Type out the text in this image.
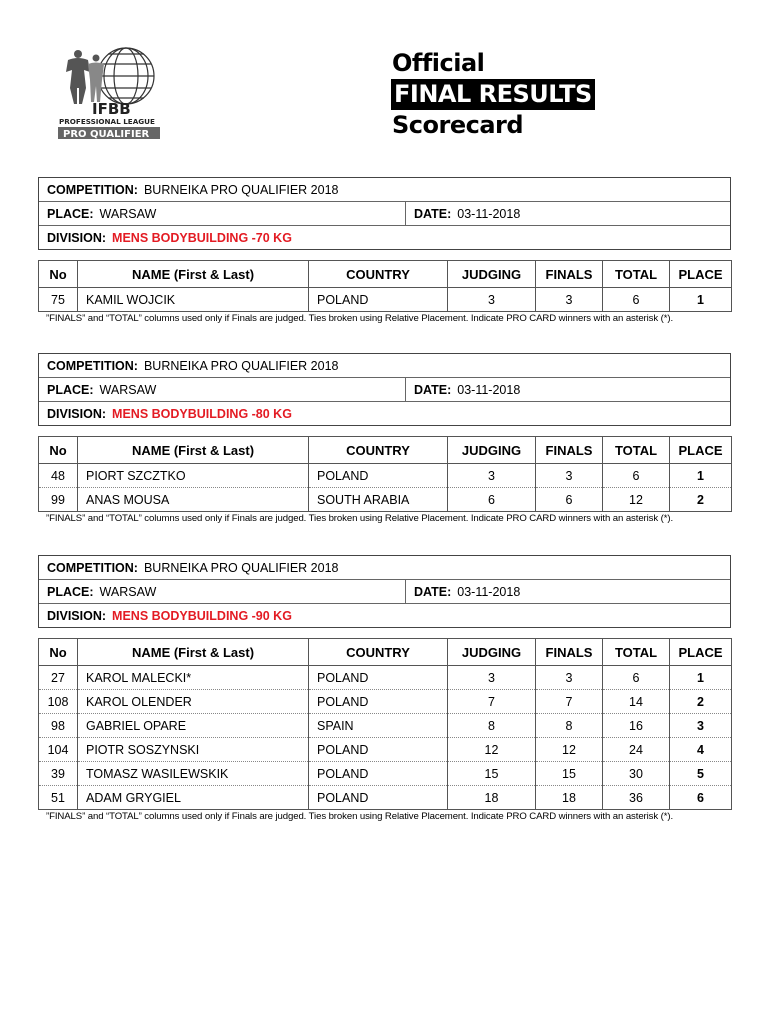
IFBB
PROFESSIONAL LEAGUE
PRO QUALIFIER
Official
FINAL RESULTS
Scorecard
COMPETITION: BURNEIKA PRO QUALIFIER 2018
PLACE: WARSAW	DATE: 03-11-2018
DIVISION: MENS BODYBUILDING -70 KG
No	NAME (First & Last)	COUNTRY	JUDGING	FINALS	TOTAL	PLACE
75	KAMIL WOJCIK	POLAND	3	3	6	1
”FINALS” and “TOTAL” columns used only if Finals are judged. Ties broken using Relative Placement. Indicate PRO CARD winners with an asterisk (*).
COMPETITION: BURNEIKA PRO QUALIFIER 2018
PLACE: WARSAW	DATE: 03-11-2018
DIVISION: MENS BODYBUILDING -80 KG
No	NAME (First & Last)	COUNTRY	JUDGING	FINALS	TOTAL	PLACE
48	PIORT SZCZTKO	POLAND	3	3	6	1
99	ANAS MOUSA	SOUTH ARABIA	6	6	12	2
”FINALS” and “TOTAL” columns used only if Finals are judged. Ties broken using Relative Placement. Indicate PRO CARD winners with an asterisk (*).
COMPETITION: BURNEIKA PRO QUALIFIER 2018
PLACE: WARSAW	DATE: 03-11-2018
DIVISION: MENS BODYBUILDING -90 KG
No	NAME (First & Last)	COUNTRY	JUDGING	FINALS	TOTAL	PLACE
27	KAROL MALECKI*	POLAND	3	3	6	1
108	KAROL OLENDER	POLAND	7	7	14	2
98	GABRIEL OPARE	SPAIN	8	8	16	3
104	PIOTR SOSZYNSKI	POLAND	12	12	24	4
39	TOMASZ WASILEWSKIK	POLAND	15	15	30	5
51	ADAM GRYGIEL	POLAND	18	18	36	6
”FINALS” and “TOTAL” columns used only if Finals are judged. Ties broken using Relative Placement. Indicate PRO CARD winners with an asterisk (*).
